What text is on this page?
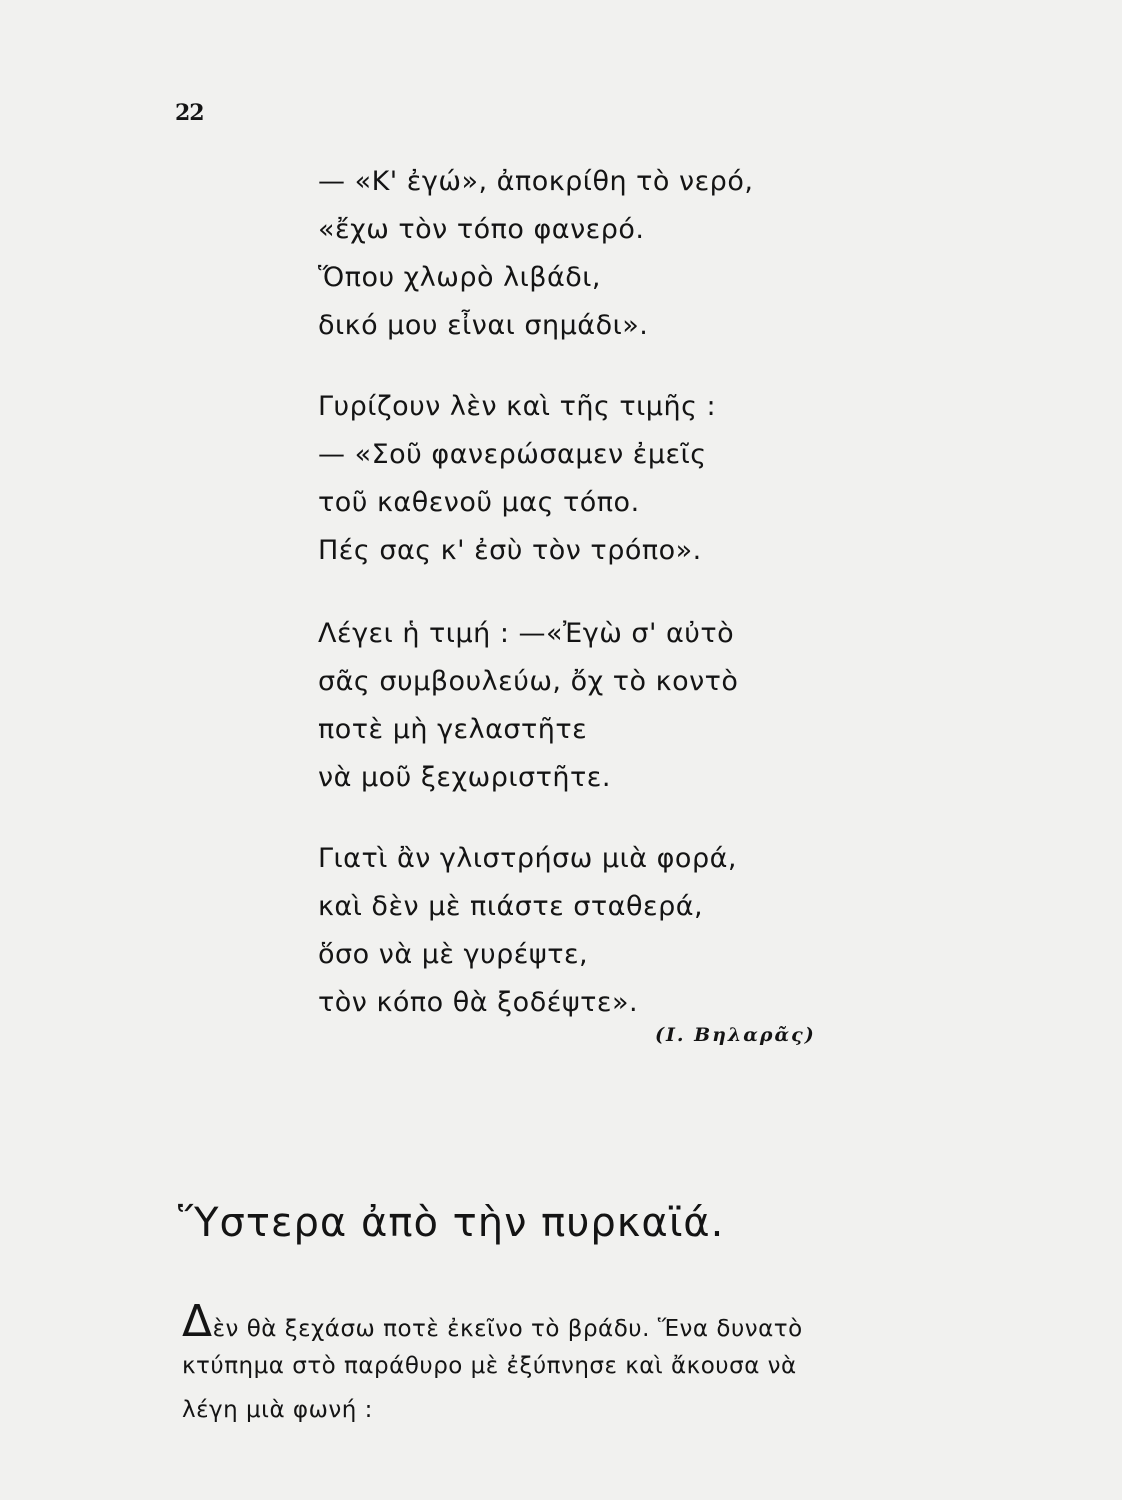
22
— «Κ' ἐγώ», ἀποκρίθη τὸ νερό,
«ἔχω τὸν τόπο φανερό.
Ὅπου χλωρὸ λιβάδι,
δικό μου εἶναι σημάδι».
Γυρίζουν λὲν καὶ τῆς τιμῆς :
— «Σοῦ φανερώσαμεν ἐμεῖς
τοῦ καθενοῦ μας τόπο.
Πές σας κ' ἐσὺ τὸν τρόπο».
Λέγει ἡ τιμή : —«Ἐγὼ σ' αὐτὸ
σᾶς συμβουλεύω, ὄχ τὸ κοντὸ
ποτὲ μὴ γελαστῆτε
νὰ μοῦ ξεχωριστῆτε.
Γιατὶ ἂν γλιστρήσω μιὰ φορά,
καὶ δὲν μὲ πιάστε σταθερά,
ὅσο νὰ μὲ γυρέψτε,
τὸν κόπο θὰ ξοδέψτε».
(Ι. Βηλαρᾶς)
Ὕστερα ἀπὸ τὴν πυρκαϊά.
Δὲν θὰ ξεχάσω ποτὲ ἐκεῖνο τὸ βράδυ. Ἕνα δυνατὸ
κτύπημα στὸ παράθυρο μὲ ἐξύπνησε καὶ ἄκουσα νὰ
λέγη μιὰ φωνή :
